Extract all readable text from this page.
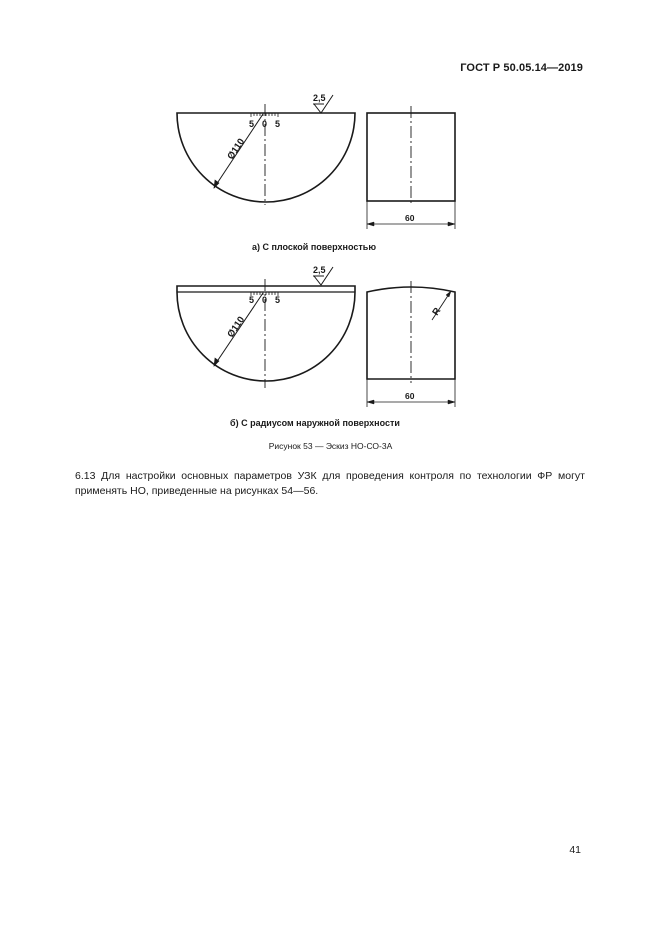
ГОСТ Р 50.05.14—2019
2,5
5 0 5
Ø110
60
2,5
5 0 5
Ø110
R
60
а) С плоской поверхностью
б) С радиусом наружной поверхности
Рисунок 53 — Эскиз НО-СО-3А

6.13 Для настройки основных параметров УЗК для проведения контроля по технологии ФР могут применять НО, приведенные на рисунках 54—56.

41
